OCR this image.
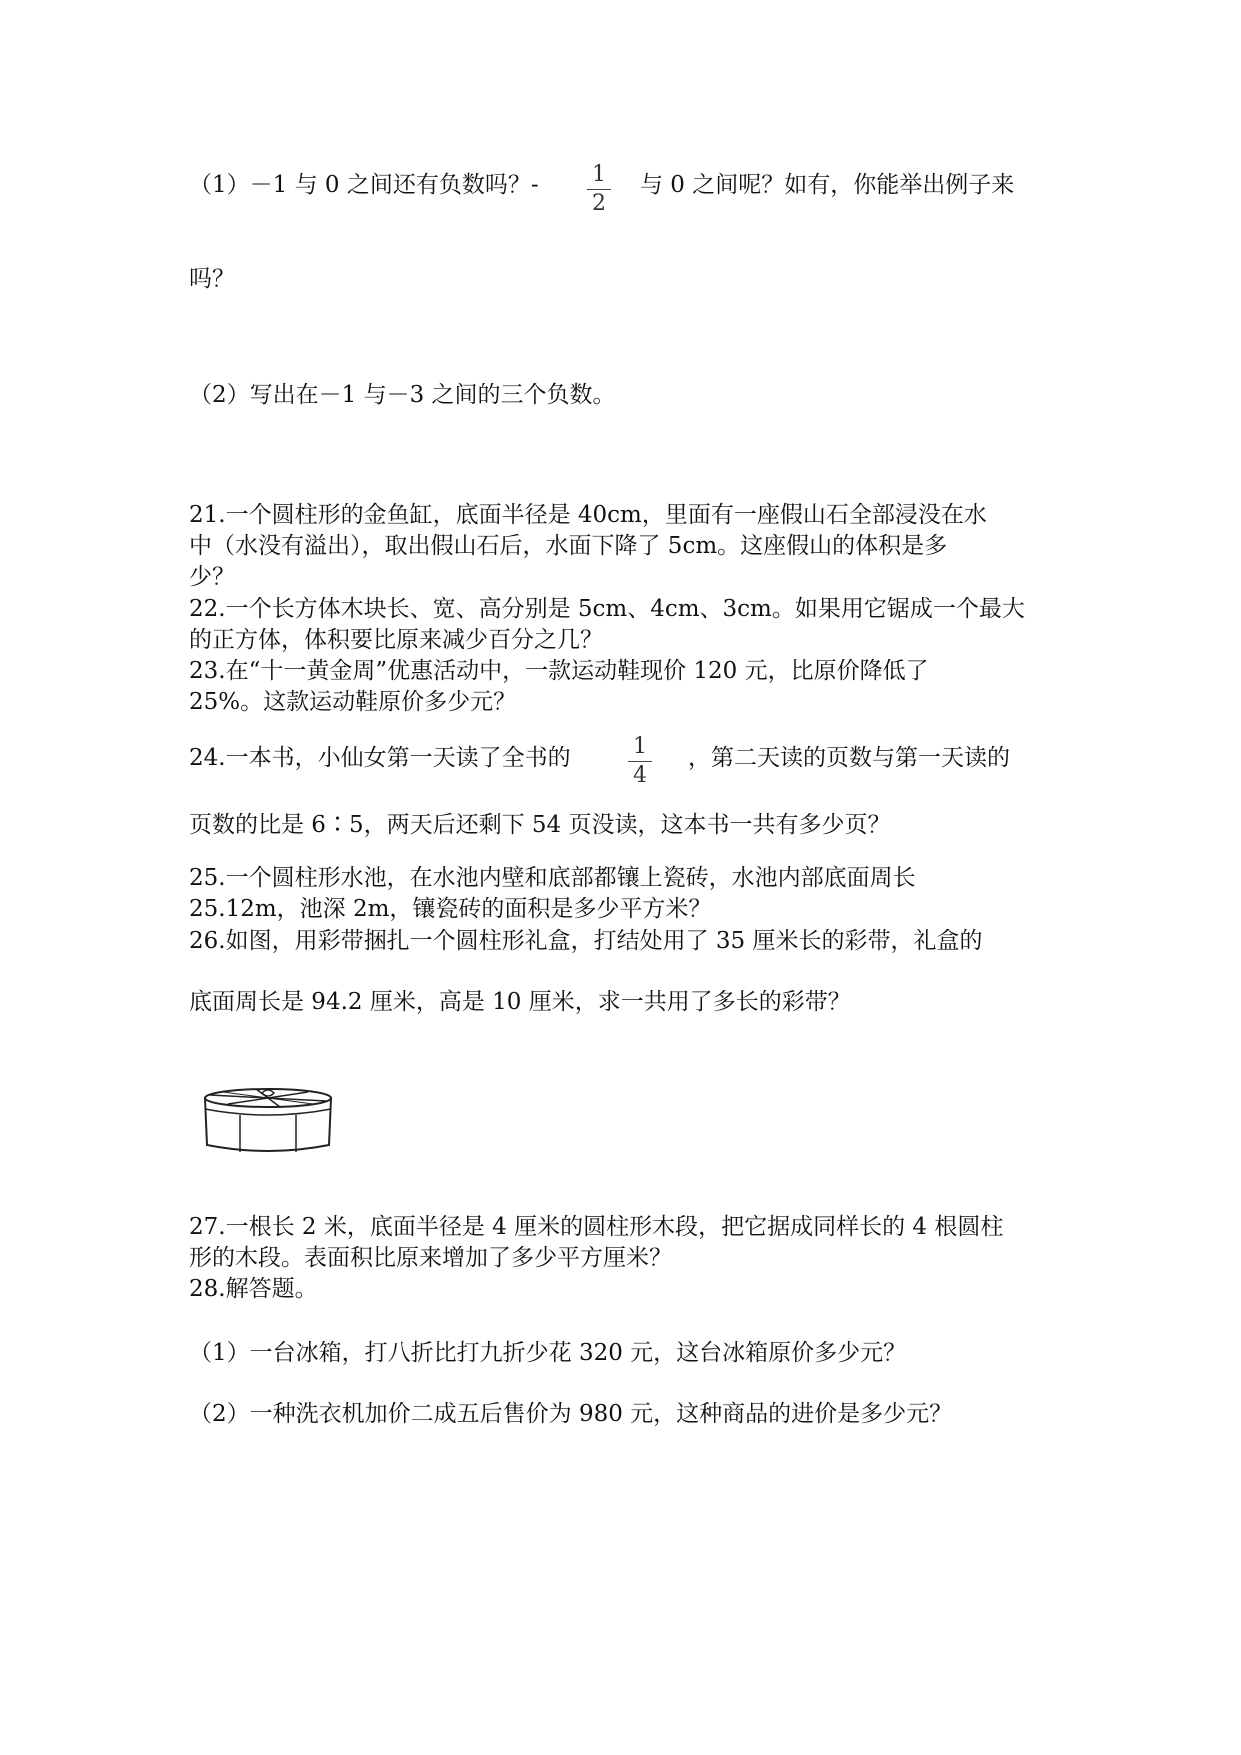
（1）－1 与 0 之间还有负数吗？-	1
2

与 0 之间呢？如有，你能举出例子来

吗？

（2）写出在－1 与－3 之间的三个负数。

21.一个圆柱形的金鱼缸，底面半径是 40cm，里面有一座假山石全部浸没在水

中（水没有溢出），取出假山石后，水面下降了 5cm。这座假山的体积是多

少？

22.一个长方体木块长、宽、高分别是 5cm、4cm、3cm。如果用它锯成一个最大

的正方体，体积要比原来减少百分之几？

23.在“十一黄金周”优惠活动中，一款运动鞋现价 120 元，比原价降低了

25%。这款运动鞋原价多少元？

24.一本书，小仙女第一天读了全书的	1
4

，第二天读的页数与第一天读的

页数的比是 6∶5，两天后还剩下 54 页没读，这本书一共有多少页？

25.一个圆柱形水池，在水池内壁和底部都镶上瓷砖，水池内部底面周长

25.12m，池深 2m，镶瓷砖的面积是多少平方米？

26.如图，用彩带捆扎一个圆柱形礼盒，打结处用了 35 厘米长的彩带，礼盒的

底面周长是 94.2 厘米，高是 10 厘米，求一共用了多长的彩带？

27.一根长 2 米，底面半径是 4 厘米的圆柱形木段，把它据成同样长的 4 根圆柱

形的木段。表面积比原来增加了多少平方厘米？

28.解答题。

（1）一台冰箱，打八折比打九折少花 320 元，这台冰箱原价多少元？

（2）一种洗衣机加价二成五后售价为 980 元，这种商品的进价是多少元？
